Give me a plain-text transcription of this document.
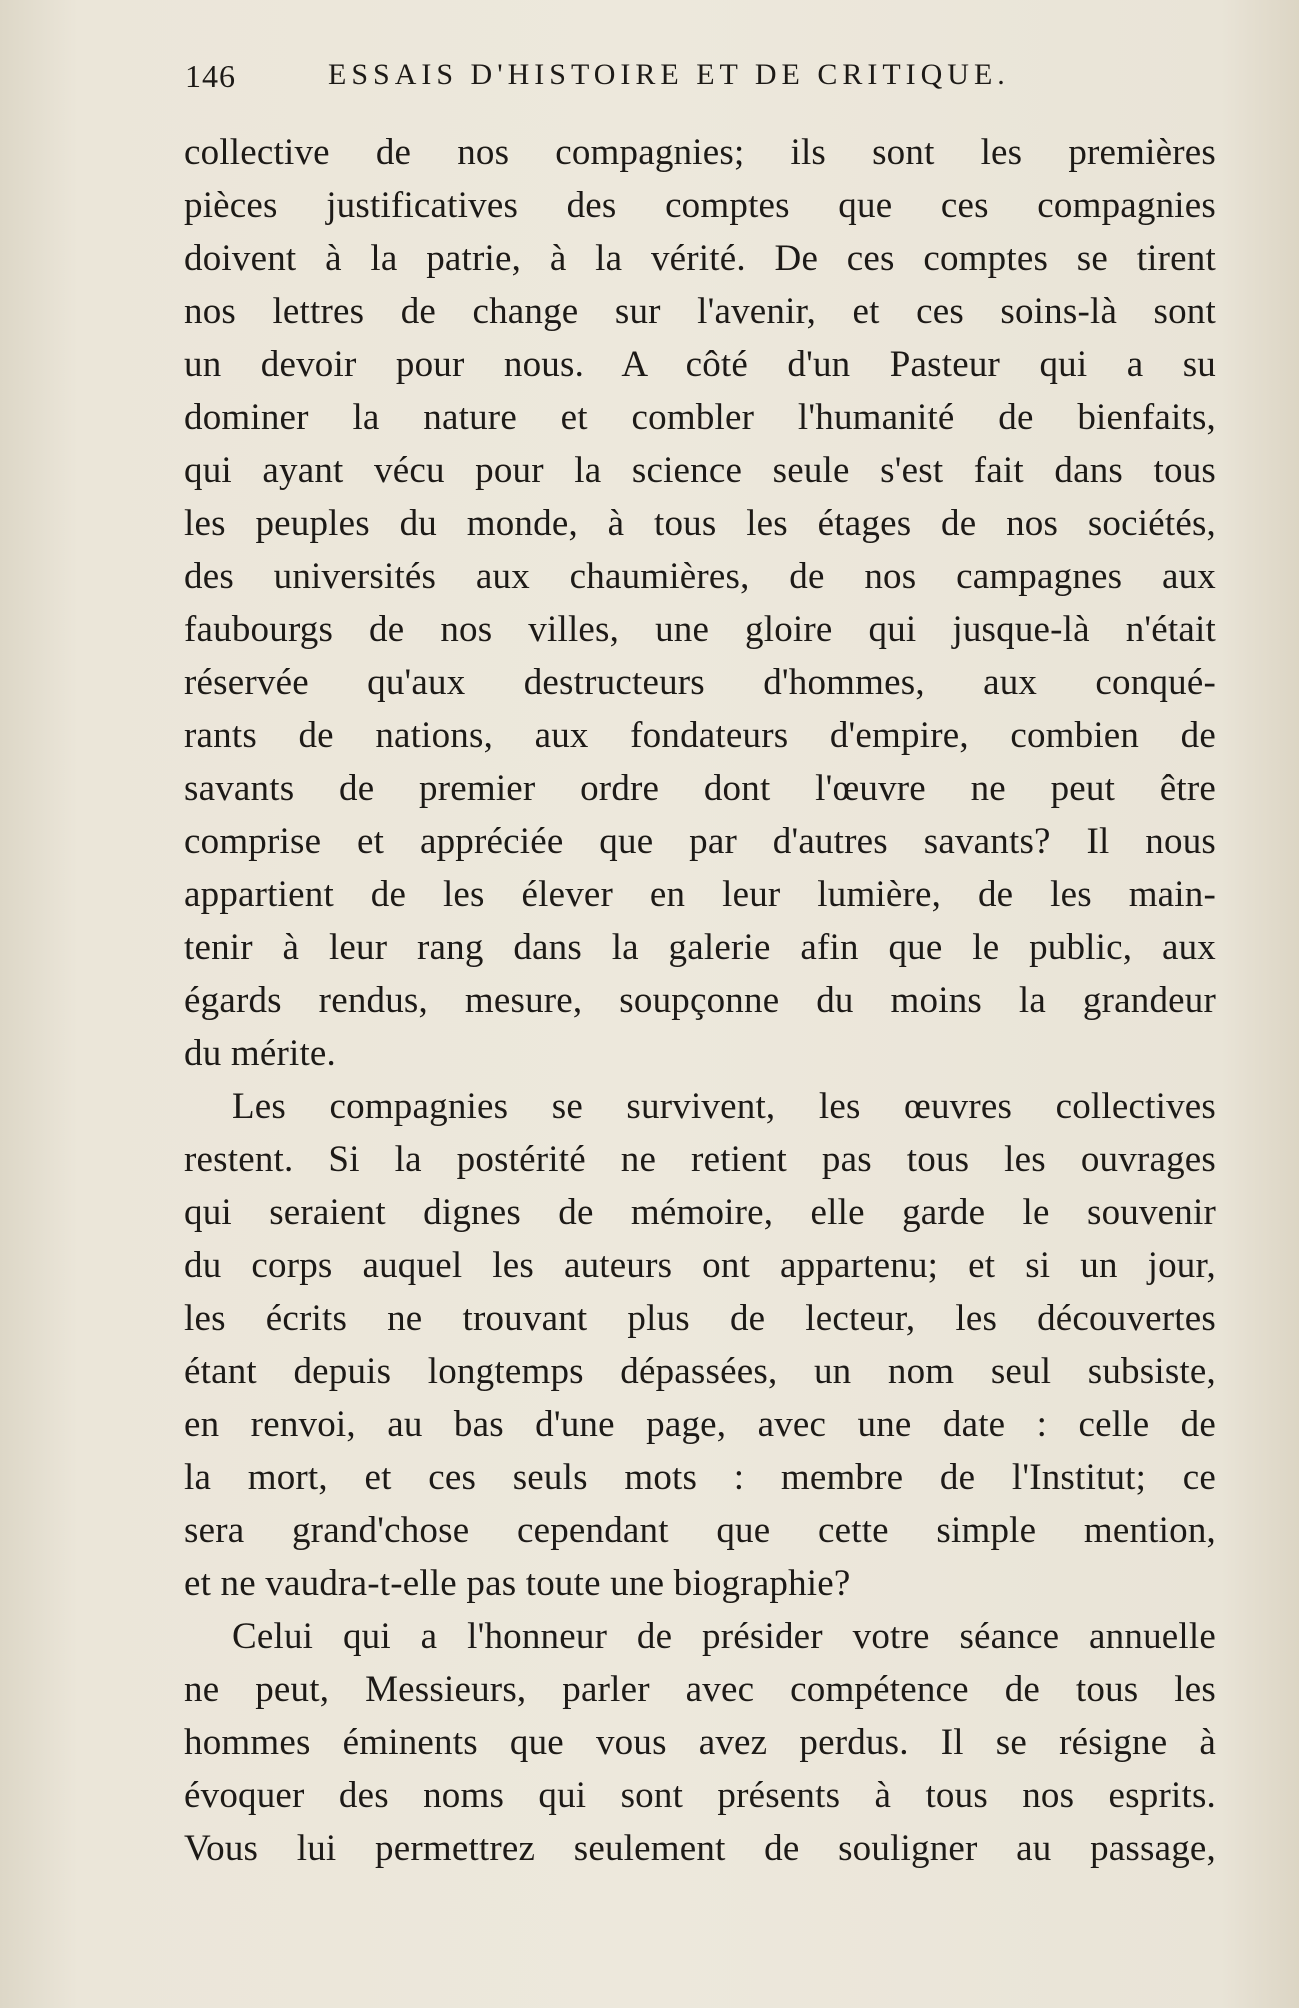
146	ESSAIS D'HISTOIRE ET DE CRITIQUE.
collective de nos compagnies; ils sont les premières
pièces justificatives des comptes que ces compagnies
doivent à la patrie, à la vérité. De ces comptes se tirent
nos lettres de change sur l'avenir, et ces soins-là sont
un devoir pour nous. A côté d'un Pasteur qui a su
dominer la nature et combler l'humanité de bienfaits,
qui ayant vécu pour la science seule s'est fait dans tous
les peuples du monde, à tous les étages de nos sociétés,
des universités aux chaumières, de nos campagnes aux
faubourgs de nos villes, une gloire qui jusque-là n'était
réservée qu'aux destructeurs d'hommes, aux conqué-
rants de nations, aux fondateurs d'empire, combien de
savants de premier ordre dont l'œuvre ne peut être
comprise et appréciée que par d'autres savants? Il nous
appartient de les élever en leur lumière, de les main-
tenir à leur rang dans la galerie afin que le public, aux
égards rendus, mesure, soupçonne du moins la grandeur
du mérite.
Les compagnies se survivent, les œuvres collectives
restent. Si la postérité ne retient pas tous les ouvrages
qui seraient dignes de mémoire, elle garde le souvenir
du corps auquel les auteurs ont appartenu; et si un jour,
les écrits ne trouvant plus de lecteur, les découvertes
étant depuis longtemps dépassées, un nom seul subsiste,
en renvoi, au bas d'une page, avec une date : celle de
la mort, et ces seuls mots : membre de l'Institut; ce
sera grand'chose cependant que cette simple mention,
et ne vaudra-t-elle pas toute une biographie?
Celui qui a l'honneur de présider votre séance annuelle
ne peut, Messieurs, parler avec compétence de tous les
hommes éminents que vous avez perdus. Il se résigne à
évoquer des noms qui sont présents à tous nos esprits.
Vous lui permettrez seulement de souligner au passage,
